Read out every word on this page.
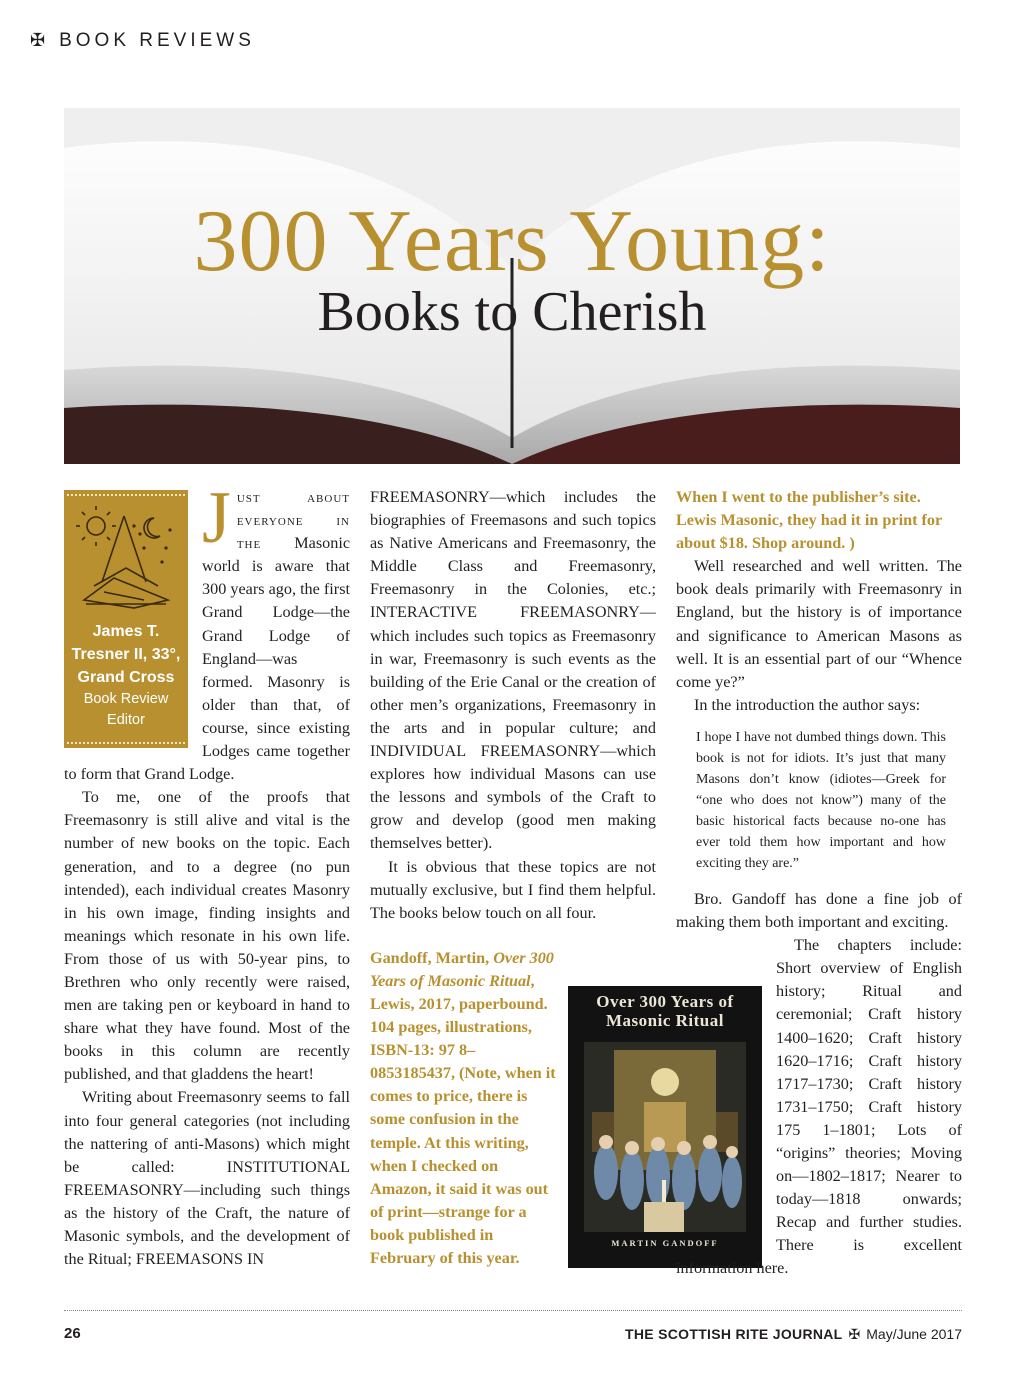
✠ BOOK REVIEWS
300 Years Young:
Books to Cherish
James T. Tresner II, 33°, Grand Cross
Book Review Editor

Just about everyone in the Masonic world is aware that 300 years ago, the first Grand Lodge—the Grand Lodge of England—was formed. Masonry is older than that, of course, since existing Lodges came together to form that Grand Lodge.

To me, one of the proofs that Freemasonry is still alive and vital is the number of new books on the topic. Each generation, and to a degree (no pun intended), each individual creates Masonry in his own image, finding insights and meanings which resonate in his own life. From those of us with 50-year pins, to Brethren who only recently were raised, men are taking pen or keyboard in hand to share what they have found. Most of the books in this column are recently published, and that gladdens the heart!

Writing about Freemasonry seems to fall into four general categories (not including the nattering of anti-Masons) which might be called: INSTITUTIONAL FREEMASONRY—including such things as the history of the Craft, the nature of Masonic symbols, and the development of the Ritual; FREEMASONS IN

FREEMASONRY—which includes the biographies of Freemasons and such topics as Native Americans and Freemasonry, the Middle Class and Freemasonry, Freemasonry in the Colonies, etc.; INTERACTIVE FREEMASONRY—which includes such topics as Freemasonry in war, Freemasonry is such events as the building of the Erie Canal or the creation of other men’s organizations, Freemasonry in the arts and in popular culture; and INDIVIDUAL FREEMASONRY—which explores how individual Masons can use the lessons and symbols of the Craft to grow and develop (good men making themselves better).

It is obvious that these topics are not mutually exclusive, but I find them helpful. The books below touch on all four.

Gandoff, Martin, Over 300 Years of Masonic Ritual, Lewis, 2017, paperbound. 104 pages, illustrations, ISBN-13: 97 8–0853185437, (Note, when it comes to price, there is some confusion in the temple. At this writing, when I checked on Amazon, it said it was out of print—strange for a book published in February of this year.

Over 300 Years of Masonic Ritual
MARTIN GANDOFF

When I went to the publisher’s site. Lewis Masonic, they had it in print for about $18. Shop around. )

Well researched and well written. The book deals primarily with Freemasonry in England, but the history is of importance and significance to American Masons as well. It is an essential part of our “Whence come ye?”

In the introduction the author says:

I hope I have not dumbed things down. This book is not for idiots. It’s just that many Masons don’t know (idiotes—Greek for “one who does not know”) many of the basic historical facts because no-one has ever told them how important and how exciting they are.”

Bro. Gandoff has done a fine job of making them both important and exciting.

The chapters include: Short overview of English history; Ritual and ceremonial; Craft history 1400–1620; Craft history 1620–1716; Craft history 1717–1730; Craft history 1731–1750; Craft history 175 1–1801; Lots of “origins” theories; Moving on—1802–1817; Nearer to today—1818 onwards; Recap and further studies. There is excellent information here.

26	THE SCOTTISH RITE JOURNAL ✠ May/June 2017
